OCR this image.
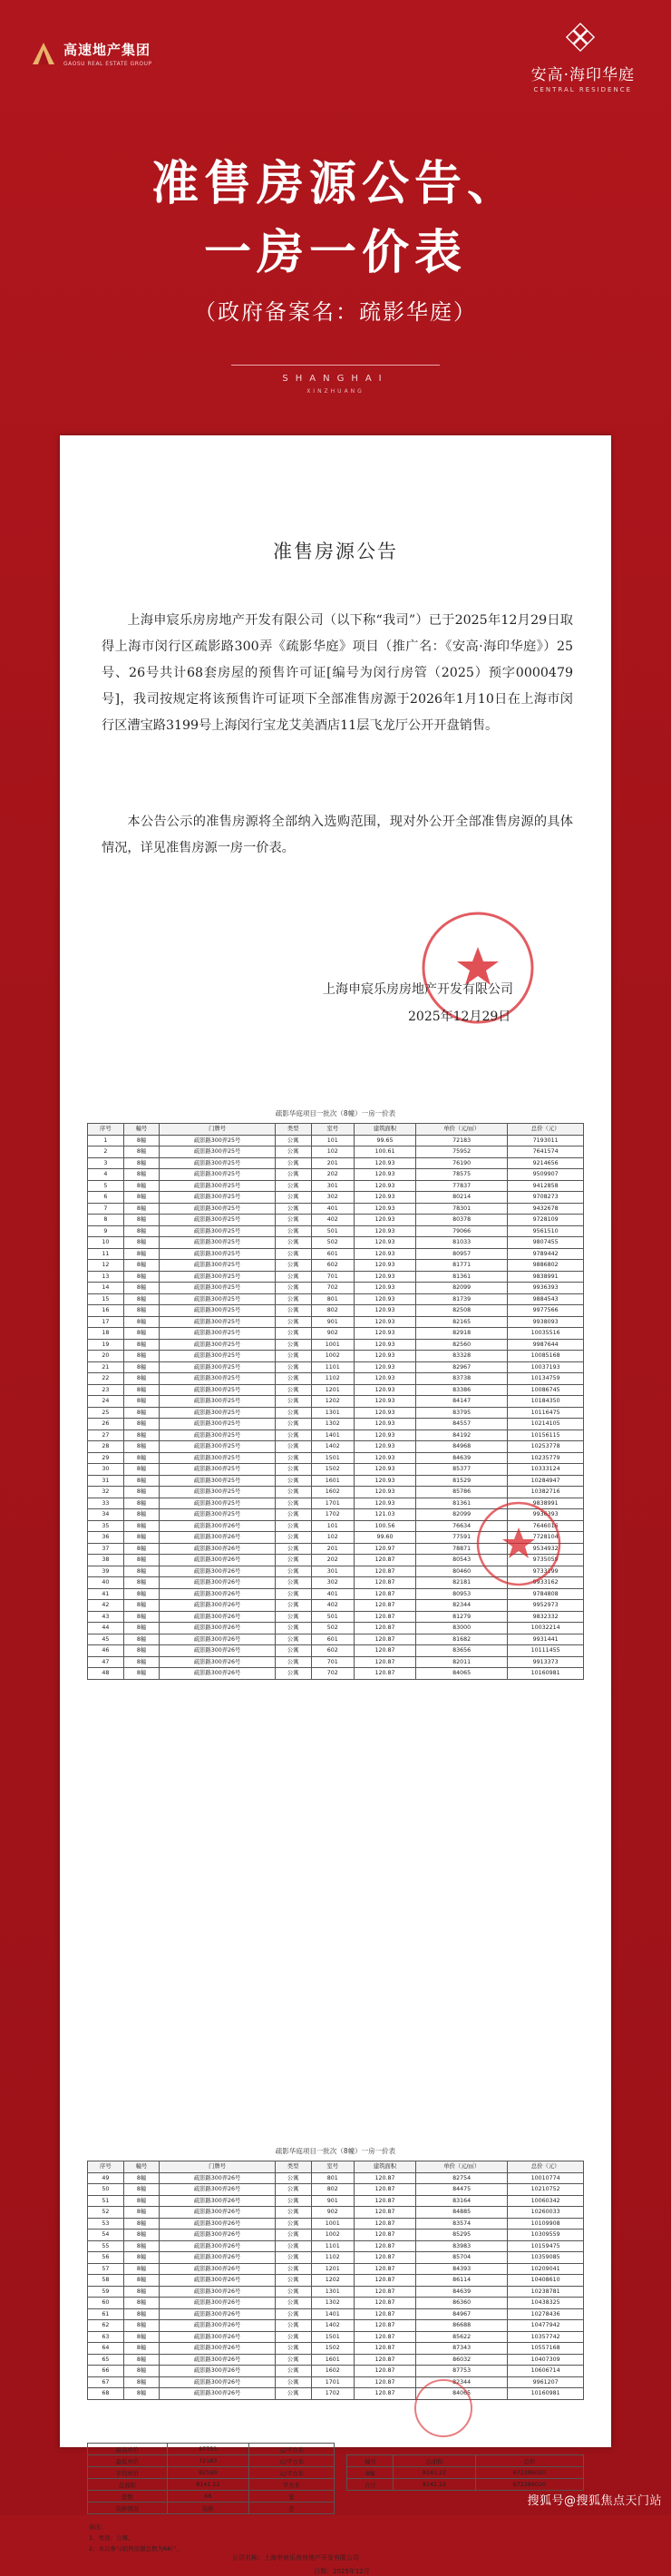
高速地产集团
GAOSU REAL ESTATE GROUP
安高·海印华庭
CENTRAL RESIDENCE
准售房源公告、
一房一价表
（政府备案名：疏影华庭）
SHANGHAI
XINZHUANG
准售房源公告
上海申宸乐房房地产开发有限公司（以下称“我司”）已于2025年12月29日取得上海市闵行区疏影路300弄《疏影华庭》项目（推广名：《安高·海印华庭》）25号、26号共计68套房屋的预售许可证[编号为闵行房管（2025）预字0000479号]，我司按规定将该预售许可证项下全部准售房源于2026年1月10日在上海市闵行区漕宝路3199号上海闵行宝龙艾美酒店11层飞龙厅公开开盘销售。
本公告公示的准售房源将全部纳入选购范围，现对外公开全部准售房源的具体情况，详见准售房源一房一价表。
上海申宸乐房房地产开发有限公司
2025年12月29日
疏影华庭项目一批次（8幢）一房一价表
序号	幢号	门牌号	类型	室号	建筑面积	单价（元/㎡）	总价（元）
1	8幢	疏影路300弄25号	公寓	101	99.65	72183	7193011
2	8幢	疏影路300弄25号	公寓	102	100.61	75952	7641574
3	8幢	疏影路300弄25号	公寓	201	120.93	76190	9214656
4	8幢	疏影路300弄25号	公寓	202	120.93	78575	9509907
5	8幢	疏影路300弄25号	公寓	301	120.93	77837	9412858
6	8幢	疏影路300弄25号	公寓	302	120.93	80214	9708273
7	8幢	疏影路300弄25号	公寓	401	120.93	78301	9432678
8	8幢	疏影路300弄25号	公寓	402	120.93	80378	9728109
9	8幢	疏影路300弄25号	公寓	501	120.93	79066	9561510
10	8幢	疏影路300弄25号	公寓	502	120.93	81033	9807455
11	8幢	疏影路300弄25号	公寓	601	120.93	80957	9789442
12	8幢	疏影路300弄25号	公寓	602	120.93	81771	9886802
13	8幢	疏影路300弄25号	公寓	701	120.93	81361	9838991
14	8幢	疏影路300弄25号	公寓	702	120.93	82099	9936393
15	8幢	疏影路300弄25号	公寓	801	120.93	81739	9884543
16	8幢	疏影路300弄25号	公寓	802	120.93	82508	9977566
17	8幢	疏影路300弄25号	公寓	901	120.93	82165	9938093
18	8幢	疏影路300弄25号	公寓	902	120.93	82918	10035516
19	8幢	疏影路300弄25号	公寓	1001	120.93	82560	9987644
20	8幢	疏影路300弄25号	公寓	1002	120.93	83328	10085168
21	8幢	疏影路300弄25号	公寓	1101	120.93	82967	10037193
22	8幢	疏影路300弄25号	公寓	1102	120.93	83738	10134759
23	8幢	疏影路300弄25号	公寓	1201	120.93	83386	10086745
24	8幢	疏影路300弄25号	公寓	1202	120.93	84147	10184350
25	8幢	疏影路300弄25号	公寓	1301	120.93	83795	10116475
26	8幢	疏影路300弄25号	公寓	1302	120.93	84557	10214105
27	8幢	疏影路300弄25号	公寓	1401	120.93	84192	10156115
28	8幢	疏影路300弄25号	公寓	1402	120.93	84968	10253778
29	8幢	疏影路300弄25号	公寓	1501	120.93	84639	10235779
30	8幢	疏影路300弄25号	公寓	1502	120.93	85377	10333124
31	8幢	疏影路300弄25号	公寓	1601	120.93	81529	10284947
32	8幢	疏影路300弄25号	公寓	1602	120.93	85786	10382716
33	8幢	疏影路300弄25号	公寓	1701	120.93	81361	9838991
34	8幢	疏影路300弄25号	公寓	1702	121.03	82099	9936393
35	8幢	疏影路300弄26号	公寓	101	100.56	76634	7646016
36	8幢	疏影路300弄26号	公寓	102	99.60	77591	7728104
37	8幢	疏影路300弄26号	公寓	201	120.97	78871	9534932
38	8幢	疏影路300弄26号	公寓	202	120.87	80543	9735059
39	8幢	疏影路300弄26号	公寓	301	120.87	80460	9733199
40	8幢	疏影路300弄26号	公寓	302	120.87	82181	9933162
41	8幢	疏影路300弄26号	公寓	401	120.87	80953	9784808
42	8幢	疏影路300弄26号	公寓	402	120.87	82344	9952973
43	8幢	疏影路300弄26号	公寓	501	120.87	81279	9832332
44	8幢	疏影路300弄26号	公寓	502	120.87	83000	10032214
45	8幢	疏影路300弄26号	公寓	601	120.87	81682	9931441
46	8幢	疏影路300弄26号	公寓	602	120.87	83656	10111455
47	8幢	疏影路300弄26号	公寓	701	120.87	82011	9913373
48	8幢	疏影路300弄26号	公寓	702	120.87	84065	10160981
疏影华庭项目一批次（8幢）一房一价表
序号	幢号	门牌号	类型	室号	建筑面积	单价（元/㎡）	总价（元）
49	8幢	疏影路300弄26号	公寓	801	120.87	82754	10010774
50	8幢	疏影路300弄26号	公寓	802	120.87	84475	10210752
51	8幢	疏影路300弄26号	公寓	901	120.87	83164	10060342
52	8幢	疏影路300弄26号	公寓	902	120.87	84885	10260033
53	8幢	疏影路300弄26号	公寓	1001	120.87	83574	10109908
54	8幢	疏影路300弄26号	公寓	1002	120.87	85295	10309559
55	8幢	疏影路300弄26号	公寓	1101	120.87	83983	10159475
56	8幢	疏影路300弄26号	公寓	1102	120.87	85704	10359085
57	8幢	疏影路300弄26号	公寓	1201	120.87	84393	10209041
58	8幢	疏影路300弄26号	公寓	1202	120.87	86114	10408610
59	8幢	疏影路300弄26号	公寓	1301	120.87	84639	10238781
60	8幢	疏影路300弄26号	公寓	1302	120.87	86360	10438325
61	8幢	疏影路300弄26号	公寓	1401	120.87	84967	10278436
62	8幢	疏影路300弄26号	公寓	1402	120.87	86688	10477942
63	8幢	疏影路300弄26号	公寓	1501	120.87	85622	10357742
64	8幢	疏影路300弄26号	公寓	1502	120.87	87343	10557168
65	8幢	疏影路300弄26号	公寓	1601	120.87	86032	10407309
66	8幢	疏影路300弄26号	公寓	1602	120.87	87753	10606714
67	8幢	疏影路300弄26号	公寓	1701	120.87	82344	9961207
68	8幢	疏影路300弄26号	公寓	1702	120.87	84065	10160981
最高单价	87753	元/平方米				
最低单价	72183	元/平方米		幢号	总面积	总价
平均单价	82590	元/平方米		8幢	8141.22	672386020
总面积	8141.22	平方米		合计	8141.22	672386020
套数	68	套				
装修情况	装修	是				
备注：
1、类别：公寓。
2、本次参与销售房源总数为68户。
公司名称：上海申宸乐房房地产开发有限公司
日期：2025年12月
搜狐号@搜狐焦点天门站
